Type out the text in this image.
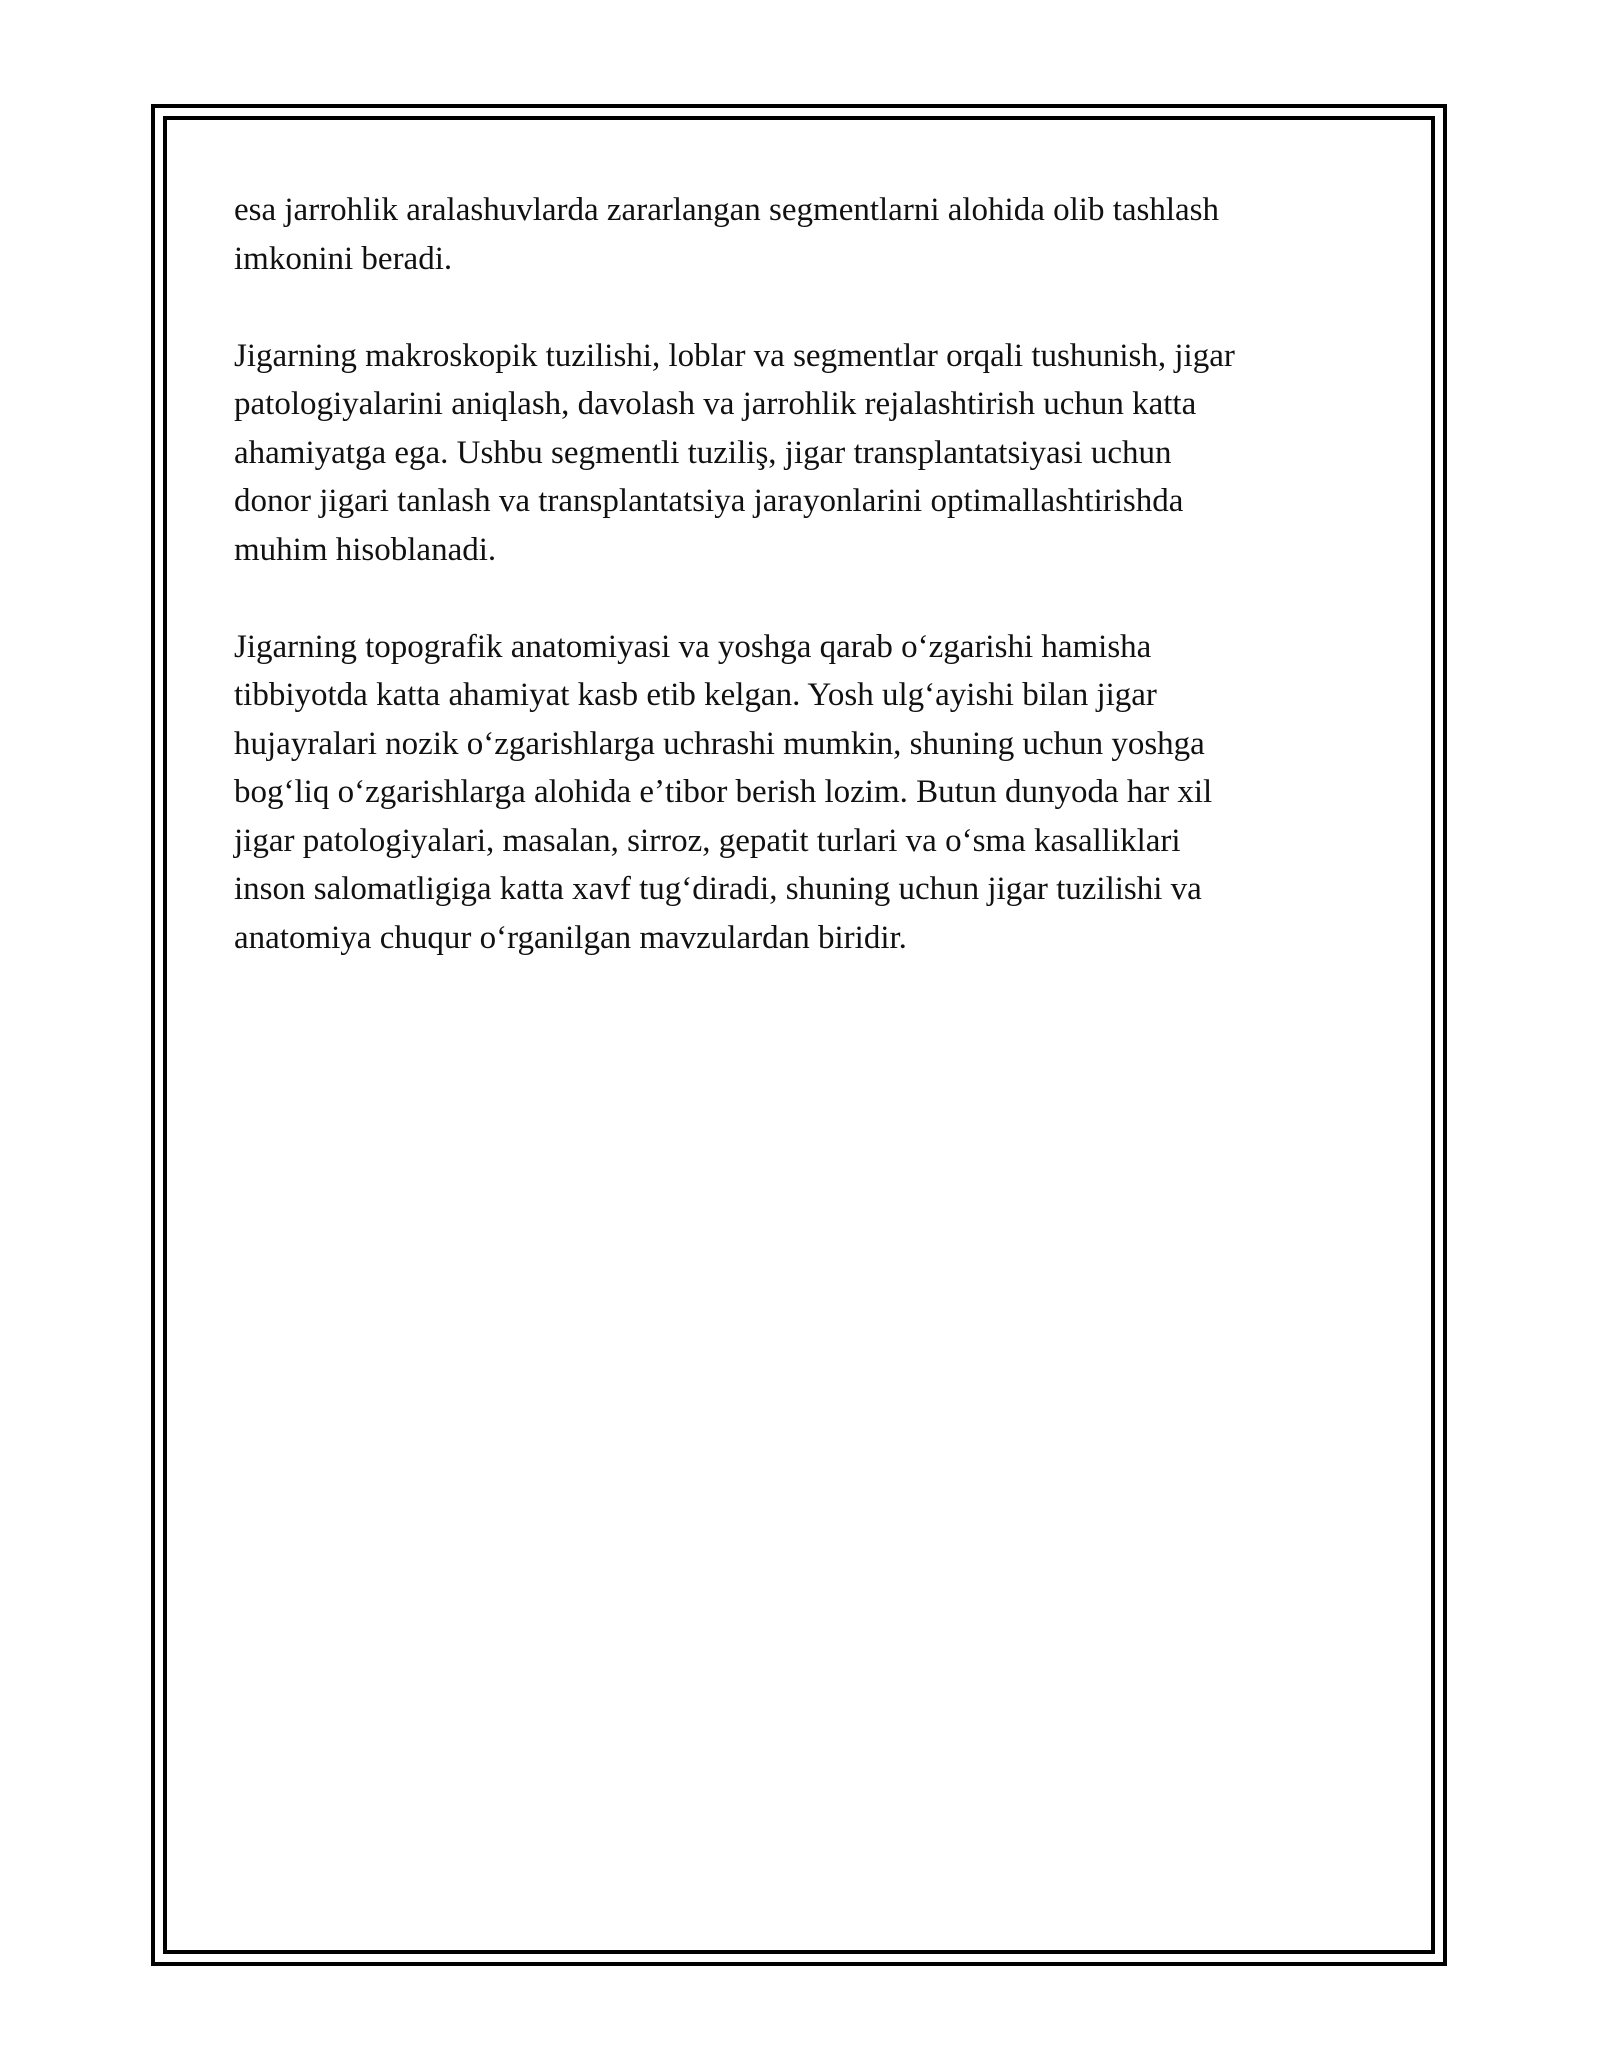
esa jarrohlik aralashuvlarda zararlangan segmentlarni alohida olib tashlash
imkonini beradi.

Jigarning makroskopik tuzilishi, loblar va segmentlar orqali tushunish, jigar
patologiyalarini aniqlash, davolash va jarrohlik rejalashtirish uchun katta
ahamiyatga ega. Ushbu segmentli tuziliş, jigar transplantatsiyasi uchun
donor jigari tanlash va transplantatsiya jarayonlarini optimallashtirishda
muhim hisoblanadi.

Jigarning topografik anatomiyasi va yoshga qarab oʻzgarishi hamisha
tibbiyotda katta ahamiyat kasb etib kelgan. Yosh ulgʻayishi bilan jigar
hujayralari nozik oʻzgarishlarga uchrashi mumkin, shuning uchun yoshga
bogʻliq oʻzgarishlarga alohida eʼtibor berish lozim. Butun dunyoda har xil
jigar patologiyalari, masalan, sirroz, gepatit turlari va oʻsma kasalliklari
inson salomatligiga katta xavf tugʻdiradi, shuning uchun jigar tuzilishi va
anatomiya chuqur oʻrganilgan mavzulardan biridir.
